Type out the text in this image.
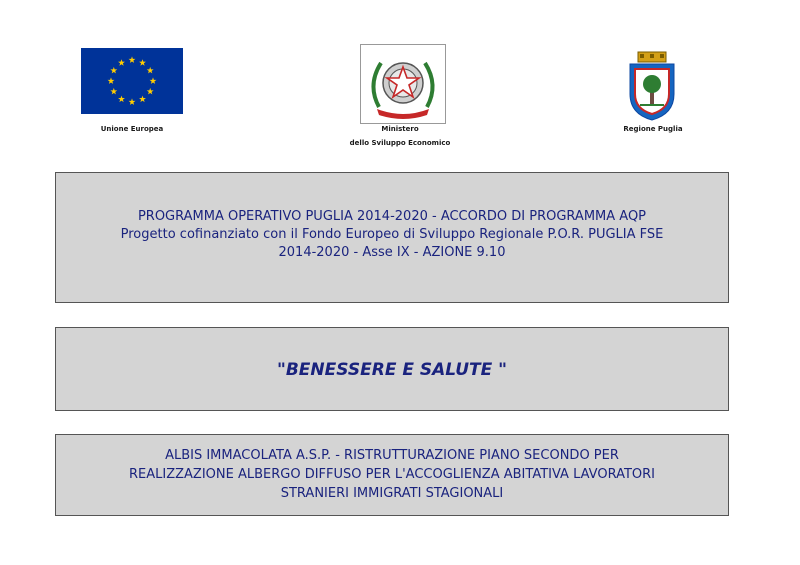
Unione Europea	Ministero
dello Sviluppo Economico
Regione Puglia
PROGRAMMA OPERATIVO PUGLIA 2014-2020 - ACCORDO DI PROGRAMMA AQP
Progetto cofinanziato con il Fondo Europeo di Sviluppo Regionale P.O.R. PUGLIA FSE
2014-2020 - Asse IX - AZIONE 9.10
"BENESSERE E SALUTE "
ALBIS IMMACOLATA A.S.P. - RISTRUTTURAZIONE PIANO SECONDO PER
REALIZZAZIONE ALBERGO DIFFUSO PER L'ACCOGLIENZA ABITATIVA LAVORATORI
STRANIERI IMMIGRATI STAGIONALI
